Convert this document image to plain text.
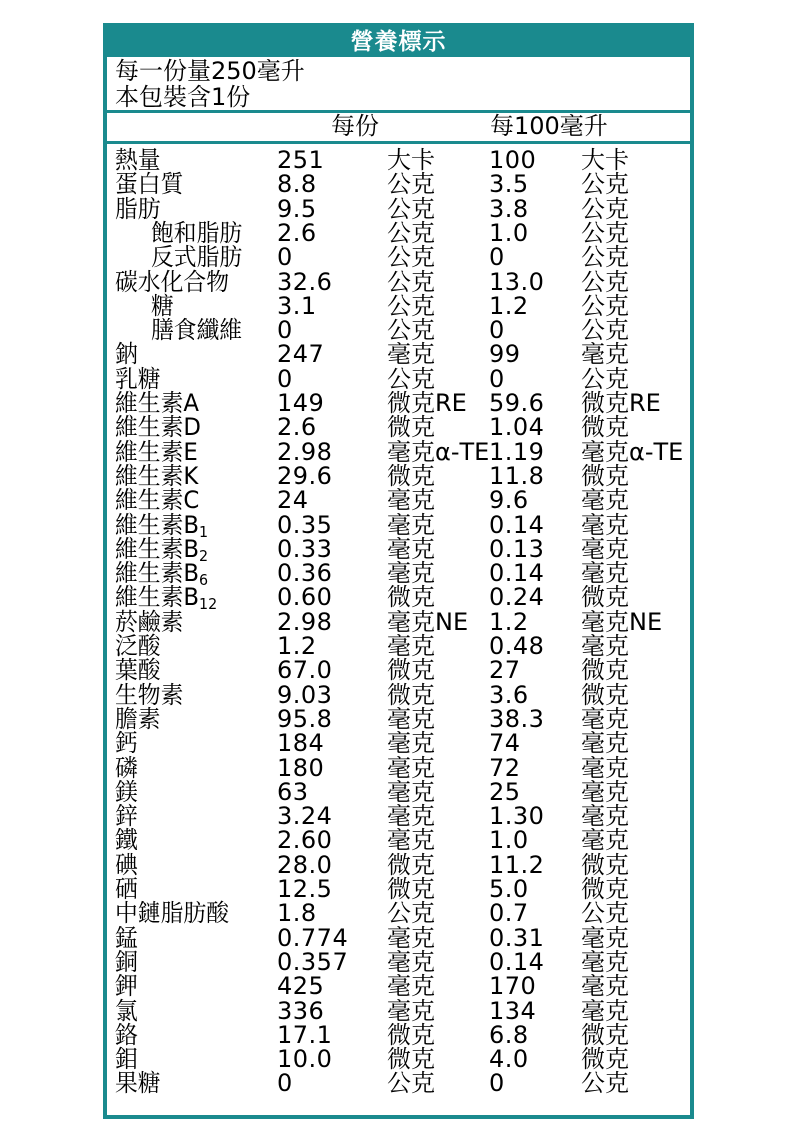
營養標示
每一份量250毫升
本包裝含1份
每份	每100毫升
熱量	251	大卡 100 大卡
蛋白質	8.8	公克 3.5 公克
脂肪	9.5	公克 3.8 公克
飽和脂肪 2.6	公克 1.0 公克
反式脂肪 0	公克 0	公克
碳水化合物 32.6 公克 13.0 公克
糖	3.1	公克 1.2 公克
膳食纖維 0	公克 0	公克
鈉	247	毫克 99	毫克
乳糖	0	公克 0	公克
維生素A	149	微克RE 59.6 微克RE
維生素D	2.6	微克 1.04 微克
維生素E	2.98 毫克α-TE 1.19 毫克α-TE
維生素K	29.6 微克 11.8 微克
維生素C	24	毫克 9.6 毫克
維生素B1	0.35 毫克 0.14 毫克
維生素B2	0.33 毫克 0.13 毫克
維生素B6	0.36 毫克 0.14 毫克
維生素B12 0.60 微克 0.24 微克
菸鹼素	2.98 毫克NE 1.2 毫克NE
泛酸	1.2	毫克 0.48 毫克
葉酸	67.0 微克 27	微克
生物素	9.03 微克 3.6 微克
膽素	95.8 毫克 38.3 毫克
鈣	184	毫克 74	毫克
磷	180	毫克 72	毫克
鎂	63	毫克 25	毫克
鋅	3.24 毫克 1.30 毫克
鐵	2.60 毫克 1.0 毫克
碘	28.0 微克 11.2 微克
硒	12.5 微克 5.0 微克
中鏈脂肪酸 1.8	公克 0.7 公克
錳	0.774 毫克 0.31 毫克
銅	0.357 毫克 0.14 毫克
鉀	425	毫克 170 毫克
氯	336	毫克 134 毫克
鉻	17.1 微克 6.8 微克
鉬	10.0 微克 4.0 微克
果糖	0	公克 0	公克
